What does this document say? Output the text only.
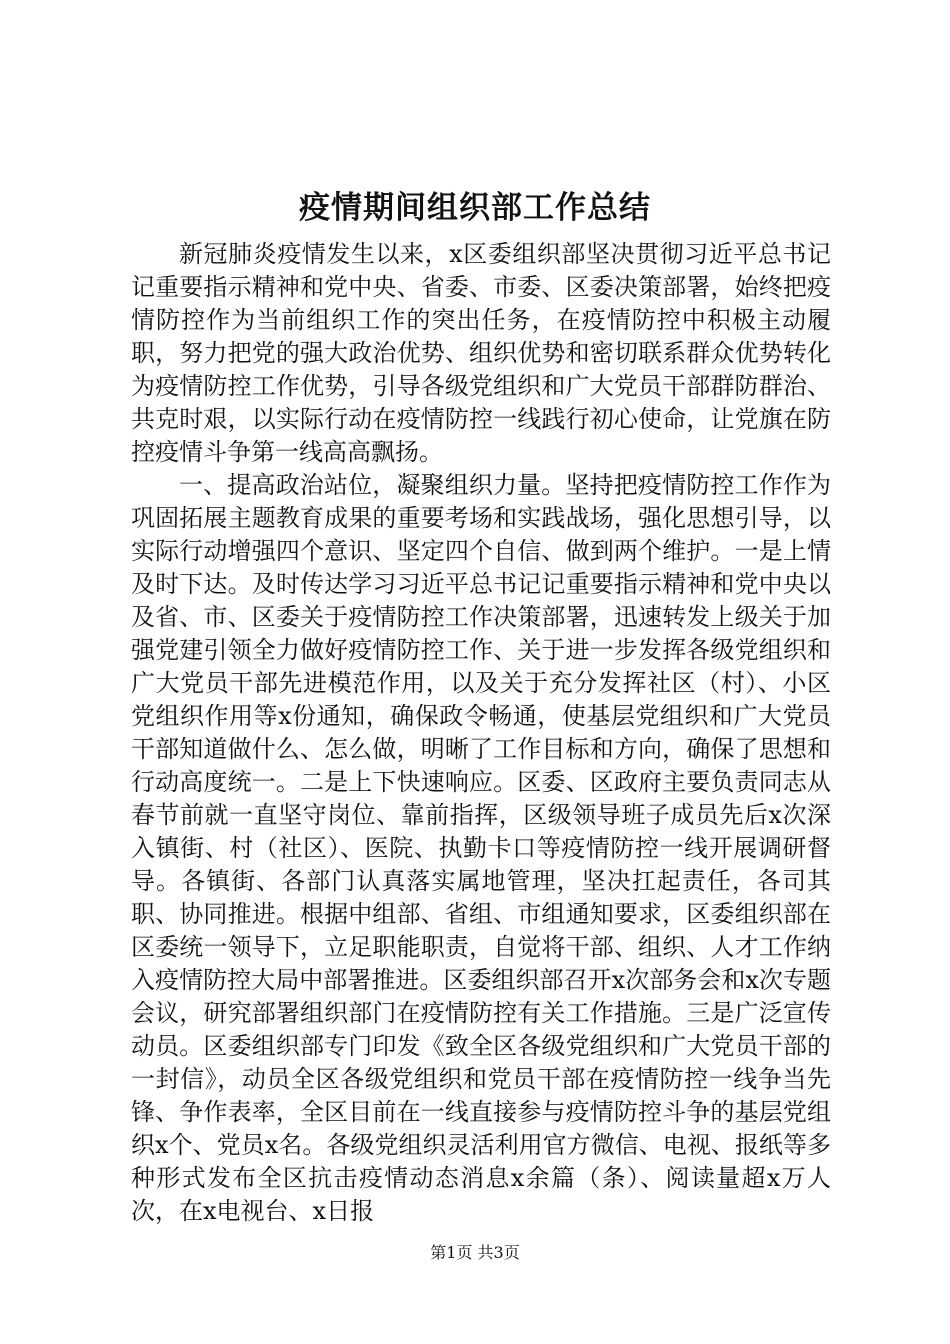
疫情期间组织部工作总结

新冠肺炎疫情发生以来，x区委组织部坚决贯彻习近平总书记记重要指示精神和党中央、省委、市委、区委决策部署，始终把疫情防控作为当前组织工作的突出任务，在疫情防控中积极主动履职，努力把党的强大政治优势、组织优势和密切联系群众优势转化为疫情防控工作优势，引导各级党组织和广大党员干部群防群治、共克时艰，以实际行动在疫情防控一线践行初心使命，让党旗在防控疫情斗争第一线高高飘扬。

一、提高政治站位，凝聚组织力量。坚持把疫情防控工作作为巩固拓展主题教育成果的重要考场和实践战场，强化思想引导，以实际行动增强四个意识、坚定四个自信、做到两个维护。一是上情及时下达。及时传达学习习近平总书记记重要指示精神和党中央以及省、市、区委关于疫情防控工作决策部署，迅速转发上级关于加强党建引领全力做好疫情防控工作、关于进一步发挥各级党组织和广大党员干部先进模范作用，以及关于充分发挥社区（村）、小区党组织作用等x份通知，确保政令畅通，使基层党组织和广大党员干部知道做什么、怎么做，明晰了工作目标和方向，确保了思想和行动高度统一。二是上下快速响应。区委、区政府主要负责同志从春节前就一直坚守岗位、靠前指挥，区级领导班子成员先后x次深入镇街、村（社区）、医院、执勤卡口等疫情防控一线开展调研督导。各镇街、各部门认真落实属地管理，坚决扛起责任，各司其职、协同推进。根据中组部、省组、市组通知要求，区委组织部在区委统一领导下，立足职能职责，自觉将干部、组织、人才工作纳入疫情防控大局中部署推进。区委组织部召开x次部务会和x次专题会议，研究部署组织部门在疫情防控有关工作措施。三是广泛宣传动员。区委组织部专门印发《致全区各级党组织和广大党员干部的一封信》，动员全区各级党组织和党员干部在疫情防控一线争当先锋、争作表率，全区目前在一线直接参与疫情防控斗争的基层党组织x个、党员x名。各级党组织灵活利用官方微信、电视、报纸等多种形式发布全区抗击疫情动态消息x余篇（条）、阅读量超x万人次，在x电视台、x日报

第1页 共3页
